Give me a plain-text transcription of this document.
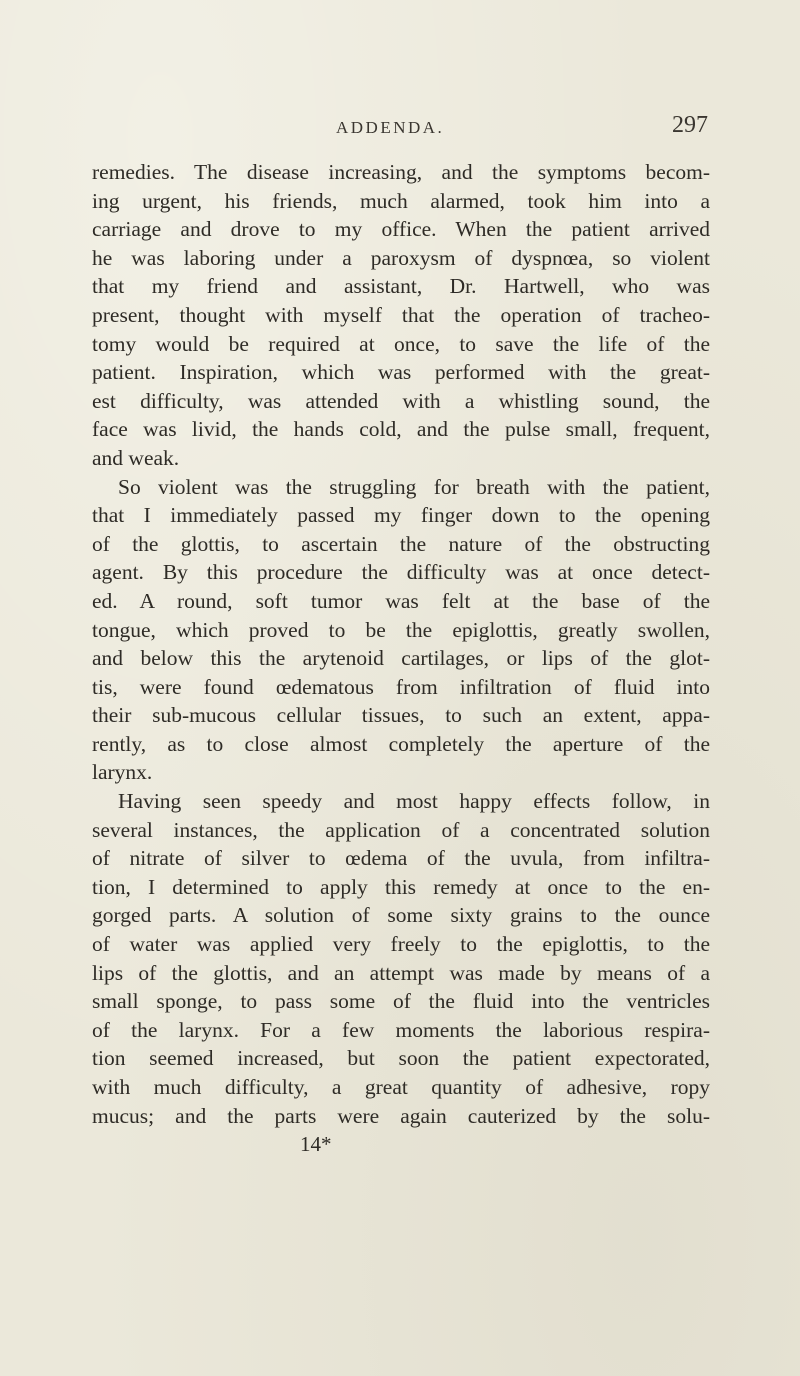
ADDENDA.	297
remedies. The disease increasing, and the symptoms becom-
ing urgent, his friends, much alarmed, took him into a
carriage and drove to my office. When the patient arrived
he was laboring under a paroxysm of dyspnœa, so violent
that my friend and assistant, Dr. Hartwell, who was
present, thought with myself that the operation of tracheo-
tomy would be required at once, to save the life of the
patient. Inspiration, which was performed with the great-
est difficulty, was attended with a whistling sound, the
face was livid, the hands cold, and the pulse small, frequent,
and weak.
So violent was the struggling for breath with the patient,
that I immediately passed my finger down to the opening
of the glottis, to ascertain the nature of the obstructing
agent. By this procedure the difficulty was at once detect-
ed. A round, soft tumor was felt at the base of the
tongue, which proved to be the epiglottis, greatly swollen,
and below this the arytenoid cartilages, or lips of the glot-
tis, were found œdematous from infiltration of fluid into
their sub-mucous cellular tissues, to such an extent, appa-
rently, as to close almost completely the aperture of the
larynx.
Having seen speedy and most happy effects follow, in
several instances, the application of a concentrated solution
of nitrate of silver to œdema of the uvula, from infiltra-
tion, I determined to apply this remedy at once to the en-
gorged parts. A solution of some sixty grains to the ounce
of water was applied very freely to the epiglottis, to the
lips of the glottis, and an attempt was made by means of a
small sponge, to pass some of the fluid into the ventricles
of the larynx. For a few moments the laborious respira-
tion seemed increased, but soon the patient expectorated,
with much difficulty, a great quantity of adhesive, ropy
mucus; and the parts were again cauterized by the solu-
14*
